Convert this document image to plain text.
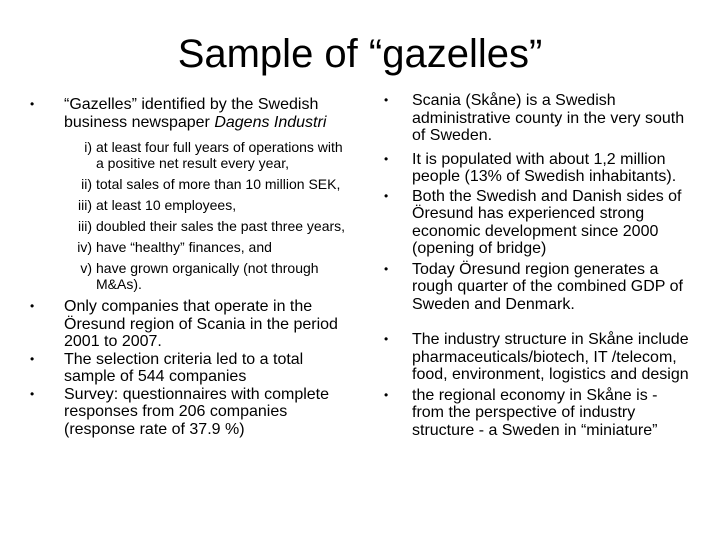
Sample of “gazelles”
• “Gazelles” identified by the Swedish business newspaper Dagens Industri
i) at least four full years of operations with a positive net result every year,
ii) total sales of more than 10 million SEK,
iii) at least 10 employees,
iii) doubled their sales the past three years,
iv) have “healthy” finances, and
v) have grown organically (not through M&As).
• Only companies that operate in the Öresund region of Scania in the period 2001 to 2007.
• The selection criteria led to a total sample of 544 companies
• Survey: questionnaires with complete responses from 206 companies (response rate of 37.9 %)
• Scania (Skåne) is a Swedish administrative county in the very south of Sweden.
• It is populated with about 1,2 million people (13% of Swedish inhabitants).
• Both the Swedish and Danish sides of Öresund has experienced strong economic development since 2000 (opening of bridge)
• Today Öresund region generates a rough quarter of the combined GDP of Sweden and Denmark.
• The industry structure in Skåne include pharmaceuticals/biotech, IT /telecom, food, environment, logistics and design
• the regional economy in Skåne is - from the perspective of industry structure - a Sweden in “miniature”
